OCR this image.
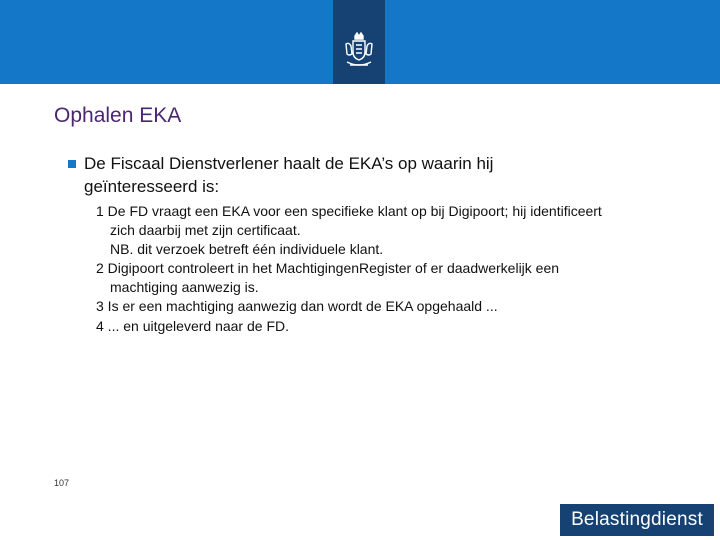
Ophalen EKA
De Fiscaal Dienstverlener haalt de EKA’s op waarin hij
geïnteresseerd is:
1 De FD vraagt een EKA voor een specifieke klant op bij Digipoort; hij identificeert
zich daarbij met zijn certificaat.
NB. dit verzoek betreft één individuele klant.
2 Digipoort controleert in het MachtigingenRegister of er daadwerkelijk een
machtiging aanwezig is.
3 Is er een machtiging aanwezig dan wordt de EKA opgehaald ...
4 ... en uitgeleverd naar de FD.
107
Belastingdienst
